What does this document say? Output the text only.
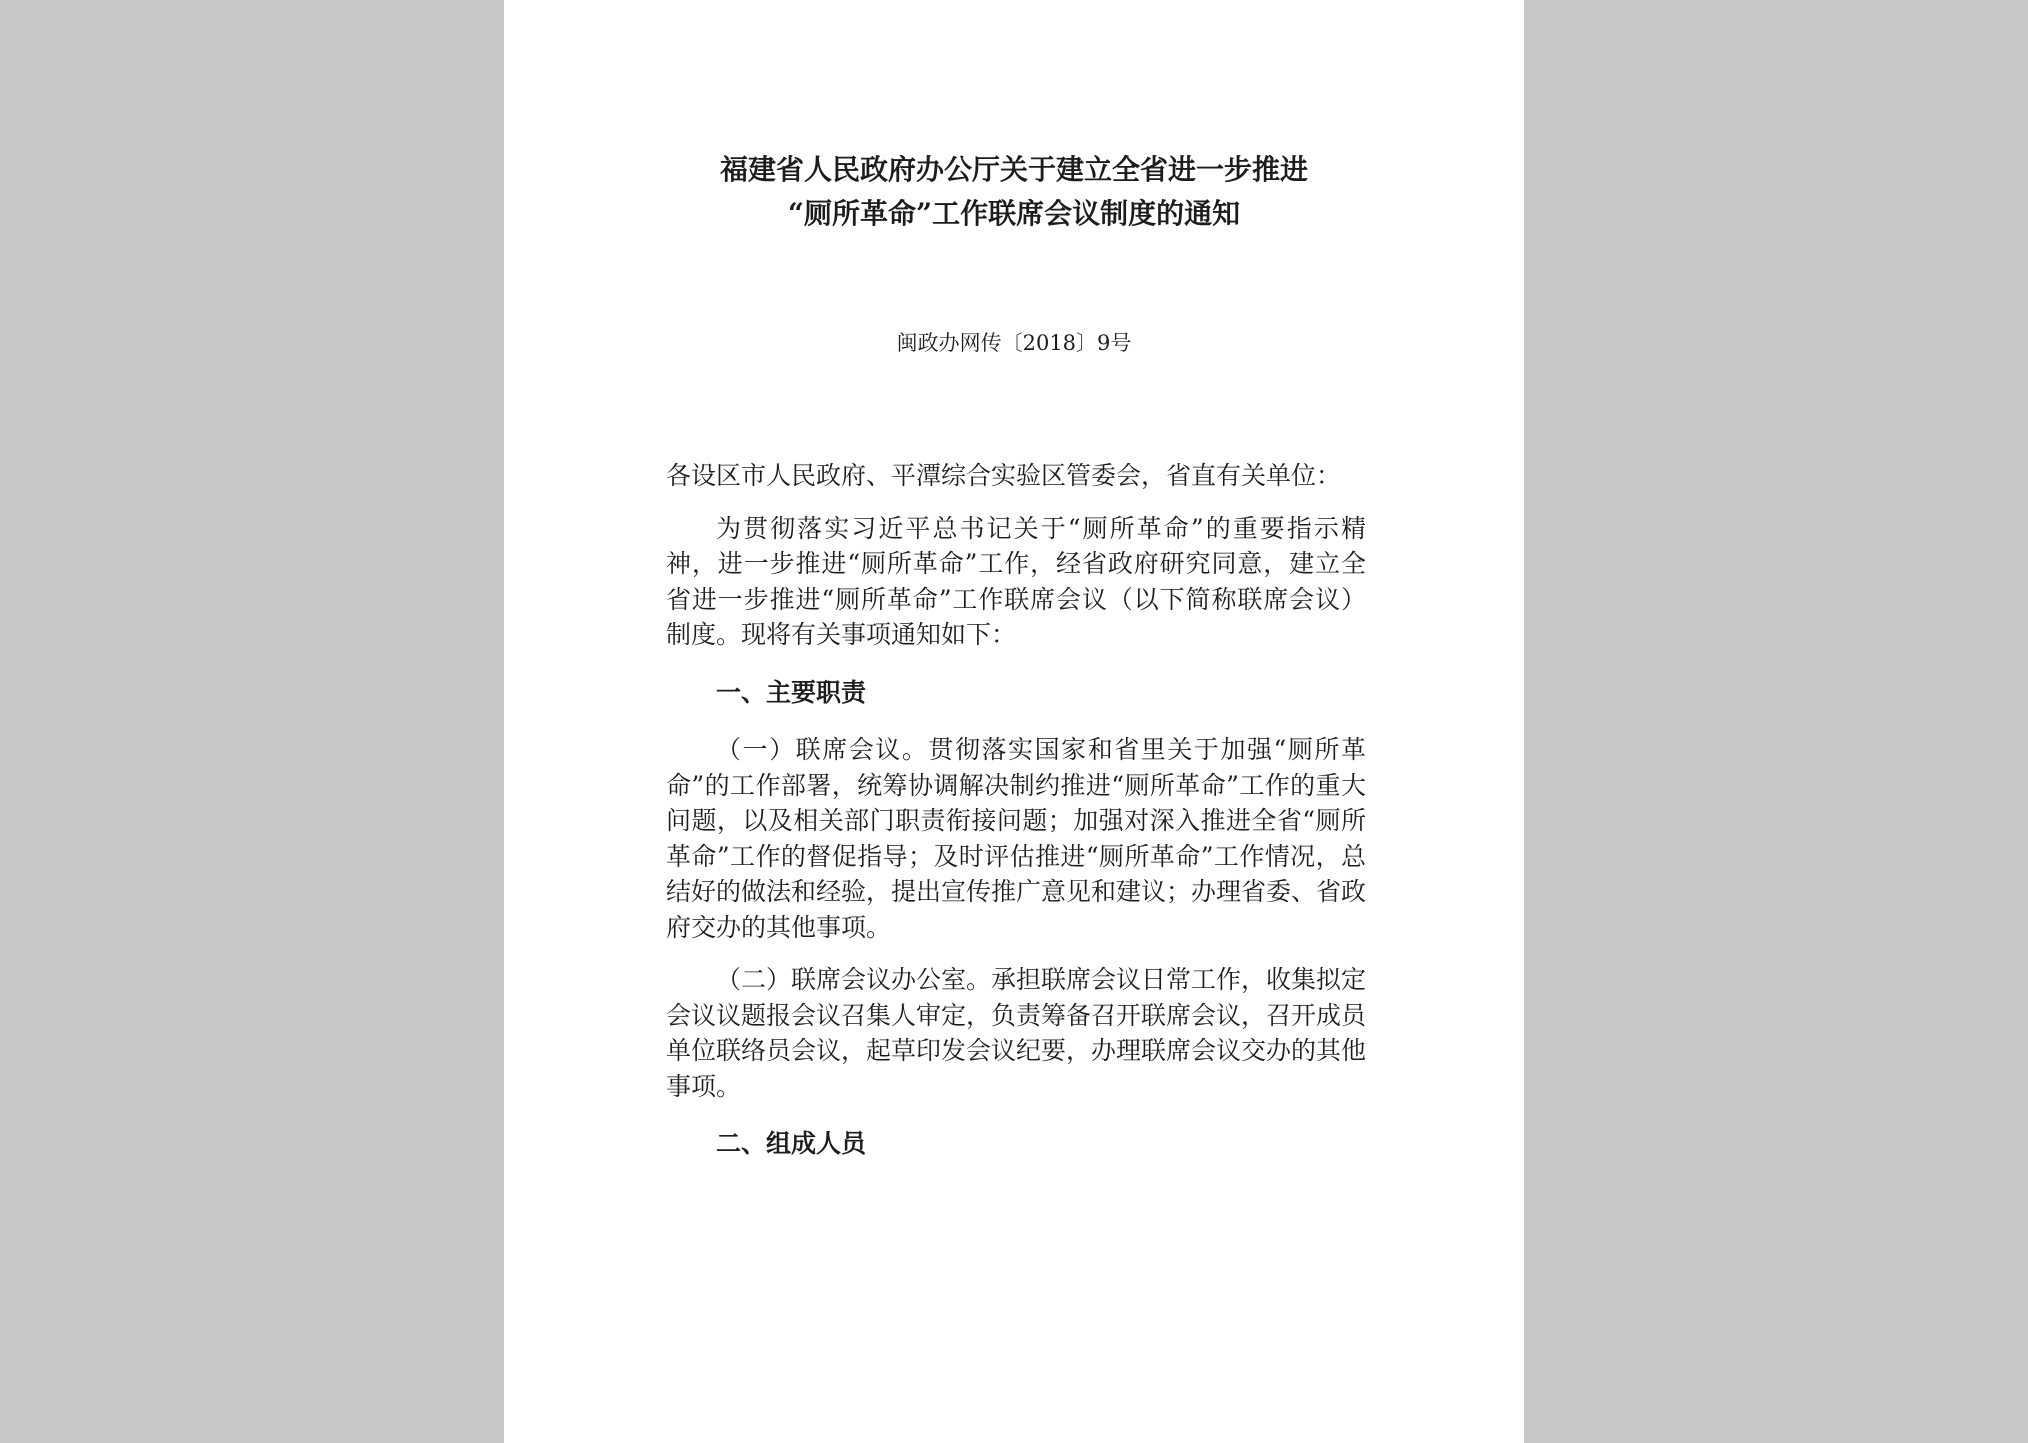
福建省人民政府办公厅关于建立全省进一步推进
“厕所革命”工作联席会议制度的通知
闽政办网传〔2018〕9号

各设区市人民政府、平潭综合实验区管委会，省直有关单位：

为贯彻落实习近平总书记关于“厕所革命”的重要指示精神，进一步推进“厕所革命”工作，经省政府研究同意，建立全省进一步推进“厕所革命”工作联席会议（以下简称联席会议）制度。现将有关事项通知如下：

一、主要职责

（一）联席会议。贯彻落实国家和省里关于加强“厕所革命”的工作部署，统筹协调解决制约推进“厕所革命”工作的重大问题，以及相关部门职责衔接问题；加强对深入推进全省“厕所革命”工作的督促指导；及时评估推进“厕所革命”工作情况，总结好的做法和经验，提出宣传推广意见和建议；办理省委、省政府交办的其他事项。

（二）联席会议办公室。承担联席会议日常工作，收集拟定会议议题报会议召集人审定，负责筹备召开联席会议，召开成员单位联络员会议，起草印发会议纪要，办理联席会议交办的其他事项。

二、组成人员
